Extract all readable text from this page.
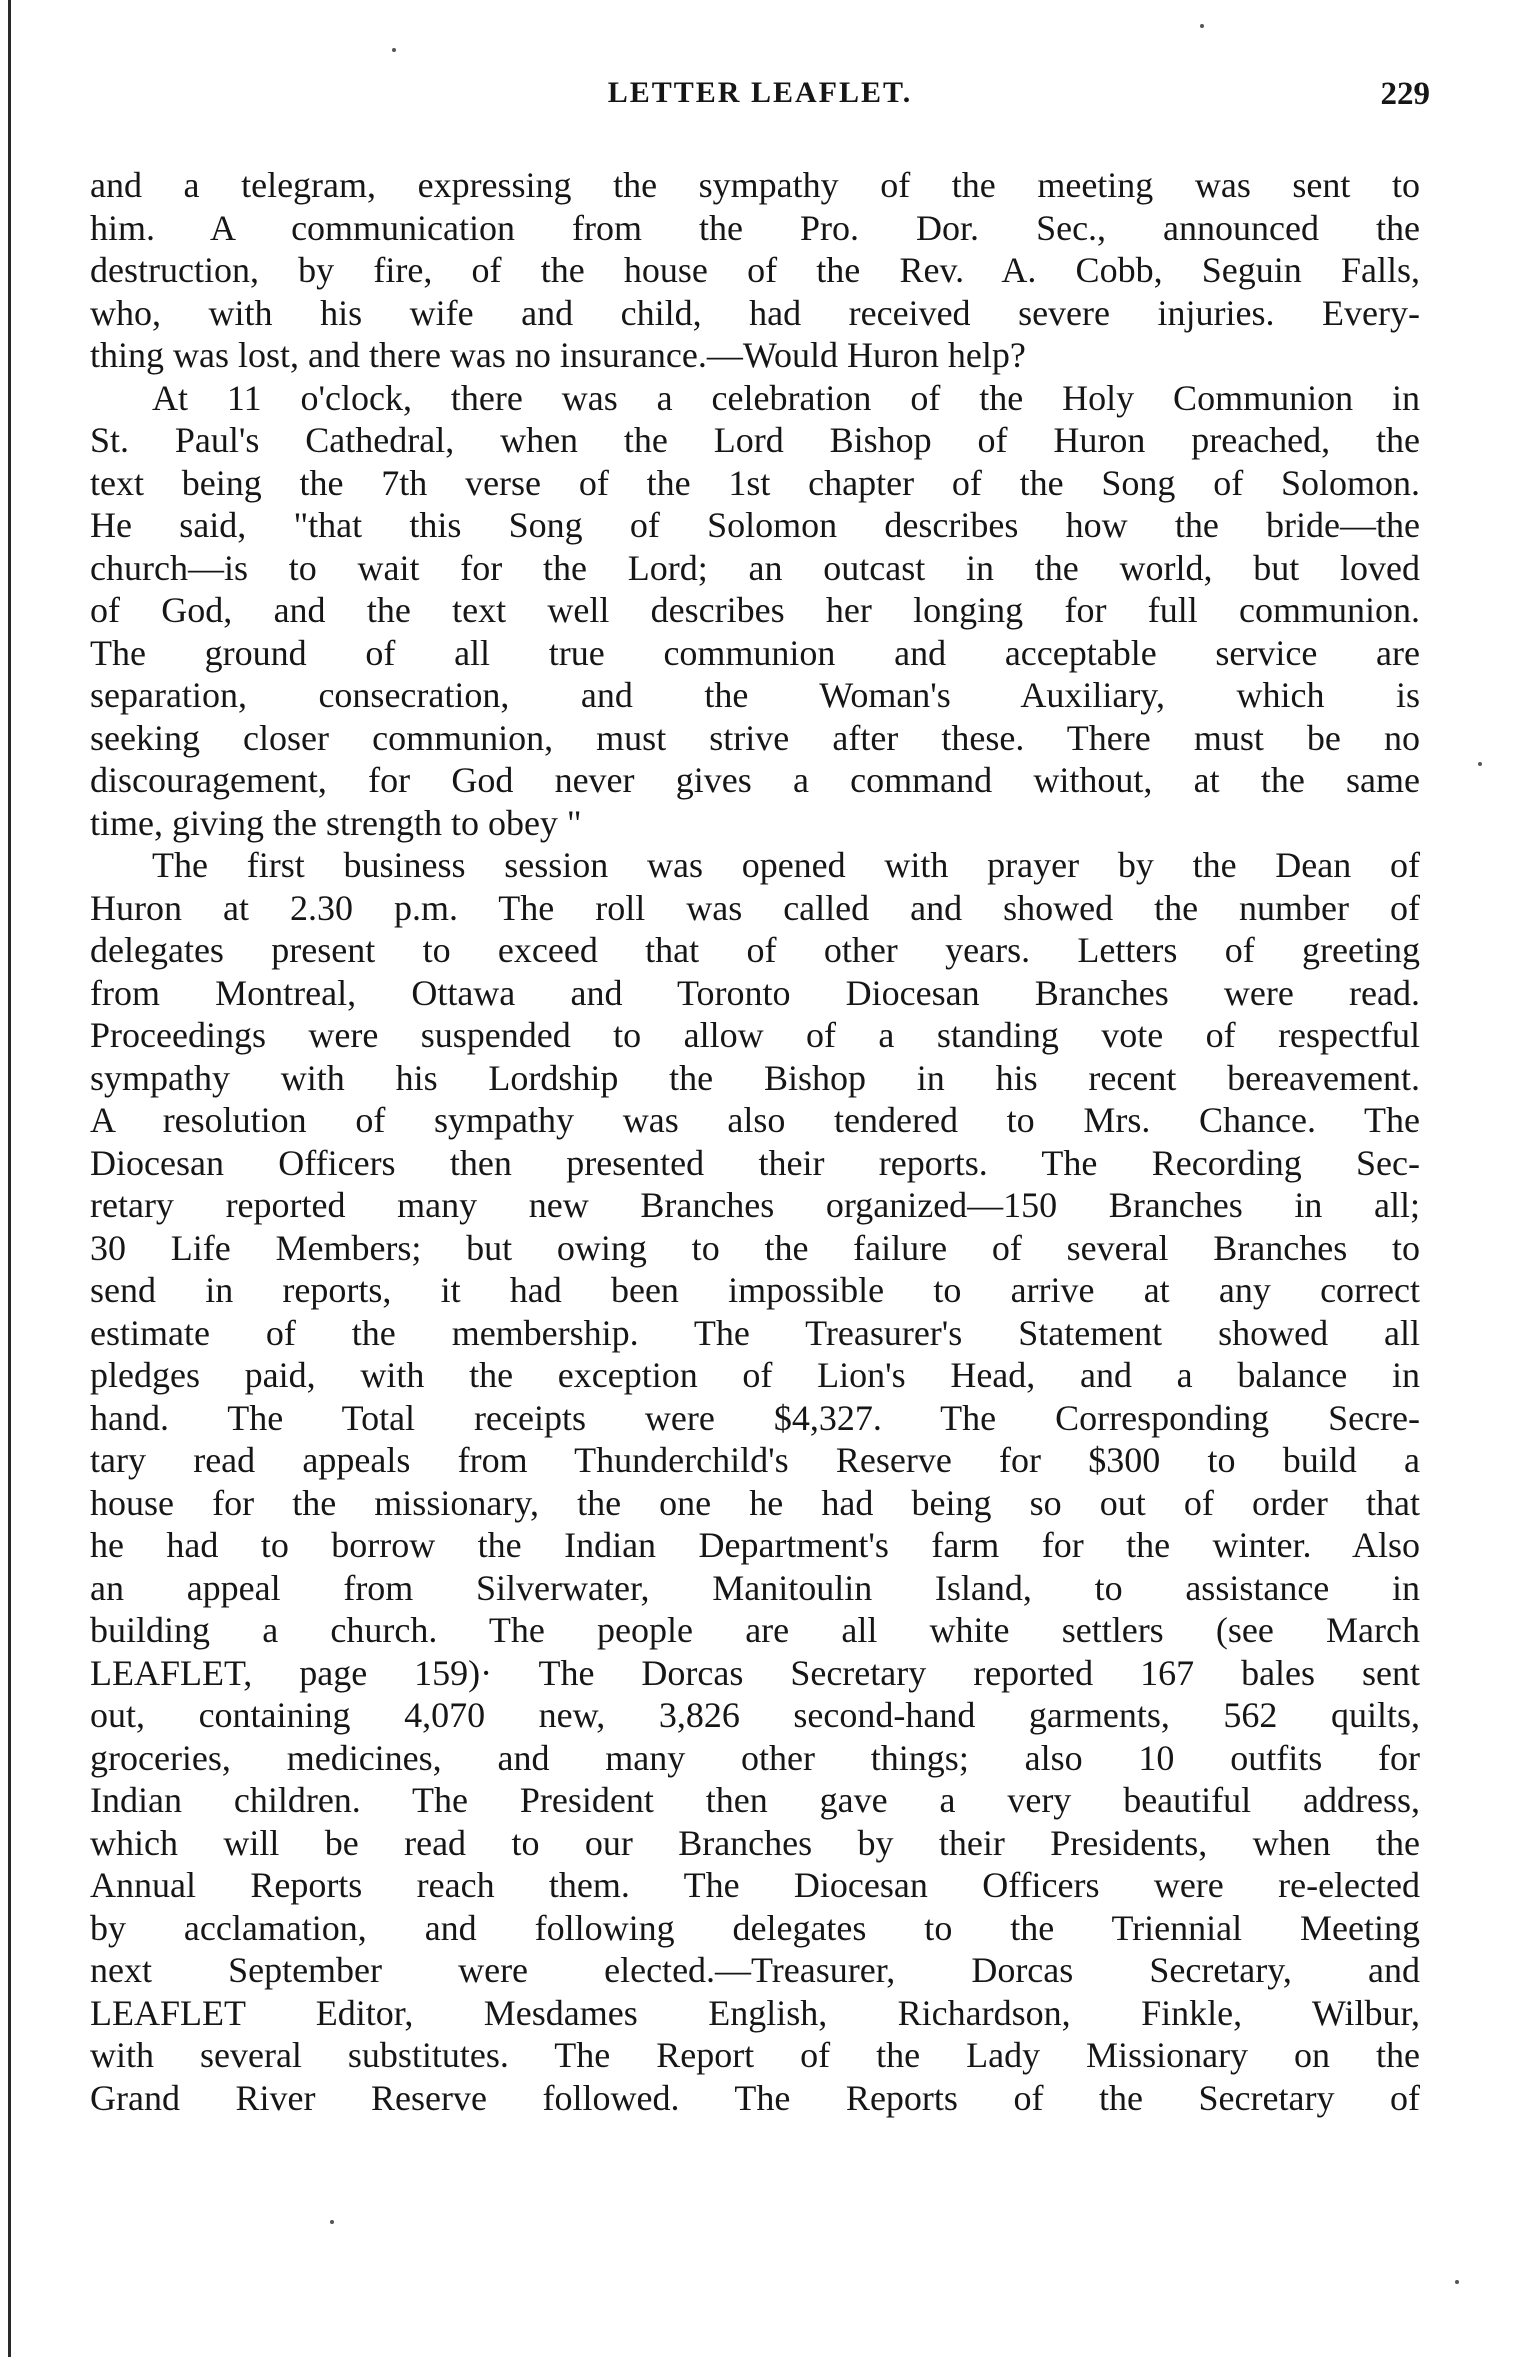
LETTER LEAFLET.	229
and a telegram, expressing the sympathy of the meeting was sent to
him. A communication from the Pro. Dor. Sec., announced the
destruction, by fire, of the house of the Rev. A. Cobb, Seguin Falls,
who, with his wife and child, had received severe injuries. Every-
thing was lost, and there was no insurance.—Would Huron help?
At 11 o'clock, there was a celebration of the Holy Communion in
St. Paul's Cathedral, when the Lord Bishop of Huron preached, the
text being the 7th verse of the 1st chapter of the Song of Solomon.
He said, "that this Song of Solomon describes how the bride—the
church—is to wait for the Lord; an outcast in the world, but loved
of God, and the text well describes her longing for full communion.
The ground of all true communion and acceptable service are
separation, consecration, and the Woman's Auxiliary, which is
seeking closer communion, must strive after these. There must be no
discouragement, for God never gives a command without, at the same
time, giving the strength to obey "
The first business session was opened with prayer by the Dean of
Huron at 2.30 p.m. The roll was called and showed the number of
delegates present to exceed that of other years. Letters of greeting
from Montreal, Ottawa and Toronto Diocesan Branches were read.
Proceedings were suspended to allow of a standing vote of respectful
sympathy with his Lordship the Bishop in his recent bereavement.
A resolution of sympathy was also tendered to Mrs. Chance. The
Diocesan Officers then presented their reports. The Recording Sec-
retary reported many new Branches organized—150 Branches in all;
30 Life Members; but owing to the failure of several Branches to
send in reports, it had been impossible to arrive at any correct
estimate of the membership. The Treasurer's Statement showed all
pledges paid, with the exception of Lion's Head, and a balance in
hand. The Total receipts were $4,327. The Corresponding Secre-
tary read appeals from Thunderchild's Reserve for $300 to build a
house for the missionary, the one he had being so out of order that
he had to borrow the Indian Department's farm for the winter. Also
an appeal from Silverwater, Manitoulin Island, to assistance in
building a church. The people are all white settlers (see March
LEAFLET, page 159)· The Dorcas Secretary reported 167 bales sent
out, containing 4,070 new, 3,826 second-hand garments, 562 quilts,
groceries, medicines, and many other things; also 10 outfits for
Indian children. The President then gave a very beautiful address,
which will be read to our Branches by their Presidents, when the
Annual Reports reach them. The Diocesan Officers were re-elected
by acclamation, and following delegates to the Triennial Meeting
next September were elected.—Treasurer, Dorcas Secretary, and
LEAFLET Editor, Mesdames English, Richardson, Finkle, Wilbur,
with several substitutes. The Report of the Lady Missionary on the
Grand River Reserve followed. The Reports of the Secretary of
